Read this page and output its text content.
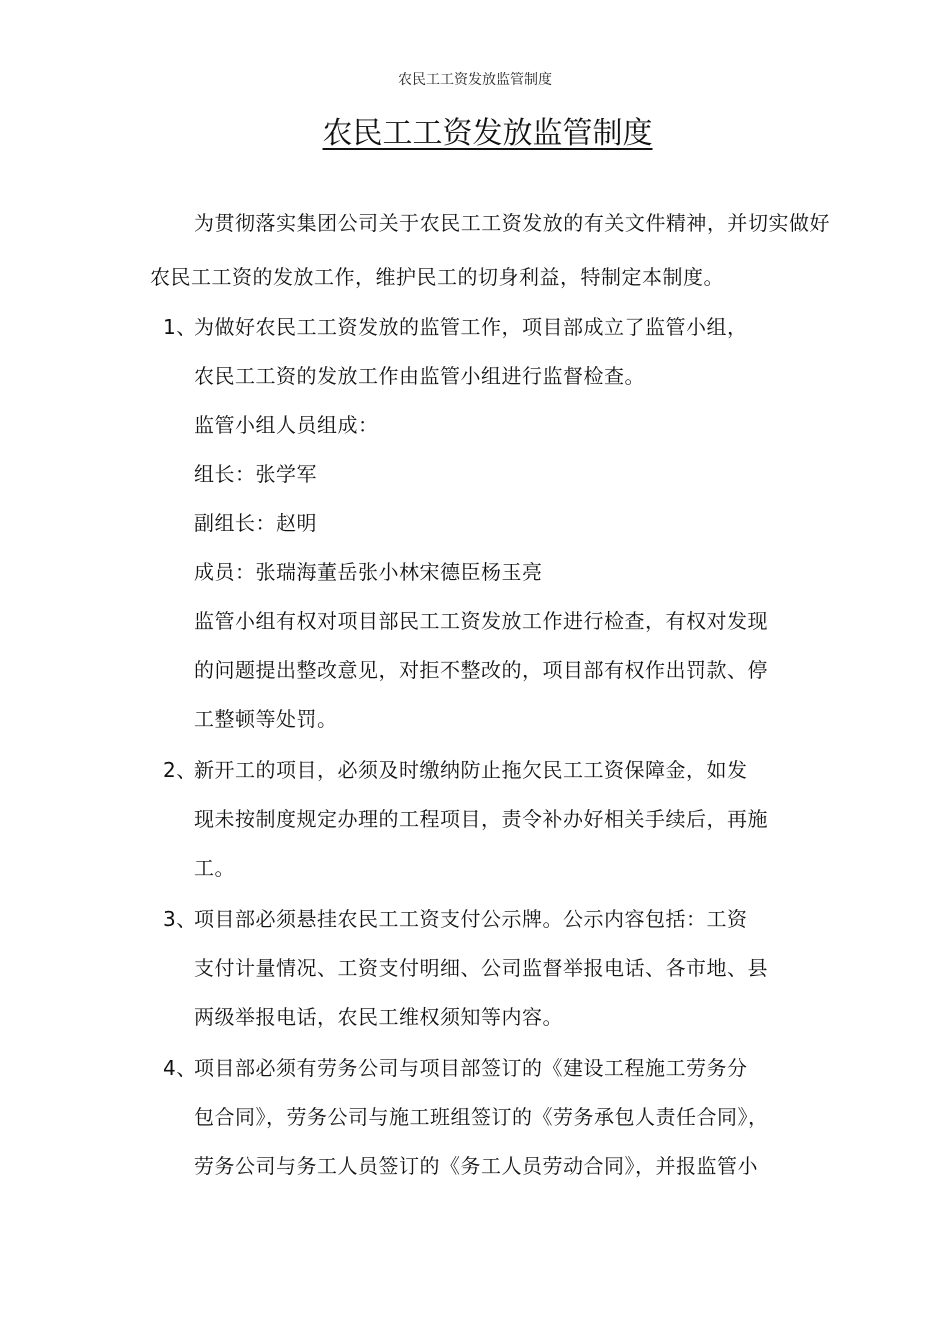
农民工工资发放监管制度
农民工工资发放监管制度

为贯彻落实集团公司关于农民工工资发放的有关文件精神，并切实做好农民工工资的发放工作，维护民工的切身利益，特制定本制度。

1、
为做好农民工工资发放的监管工作，项目部成立了监管小组，
农民工工资的发放工作由监管小组进行监督检查。
监管小组人员组成：
组长：张学军
副组长：赵明
成员：张瑞海董岳张小林宋德臣杨玉亮
监管小组有权对项目部民工工资发放工作进行检查，有权对发现
的问题提出整改意见，对拒不整改的，项目部有权作出罚款、停
工整顿等处罚。
2、
新开工的项目，必须及时缴纳防止拖欠民工工资保障金，如发
现未按制度规定办理的工程项目，责令补办好相关手续后，再施
工。
3、
项目部必须悬挂农民工工资支付公示牌。公示内容包括：工资
支付计量情况、工资支付明细、公司监督举报电话、各市地、县
两级举报电话，农民工维权须知等内容。
4、
项目部必须有劳务公司与项目部签订的《建设工程施工劳务分
包合同》，劳务公司与施工班组签订的《劳务承包人责任合同》，
劳务公司与务工人员签订的《务工人员劳动合同》，并报监管小
